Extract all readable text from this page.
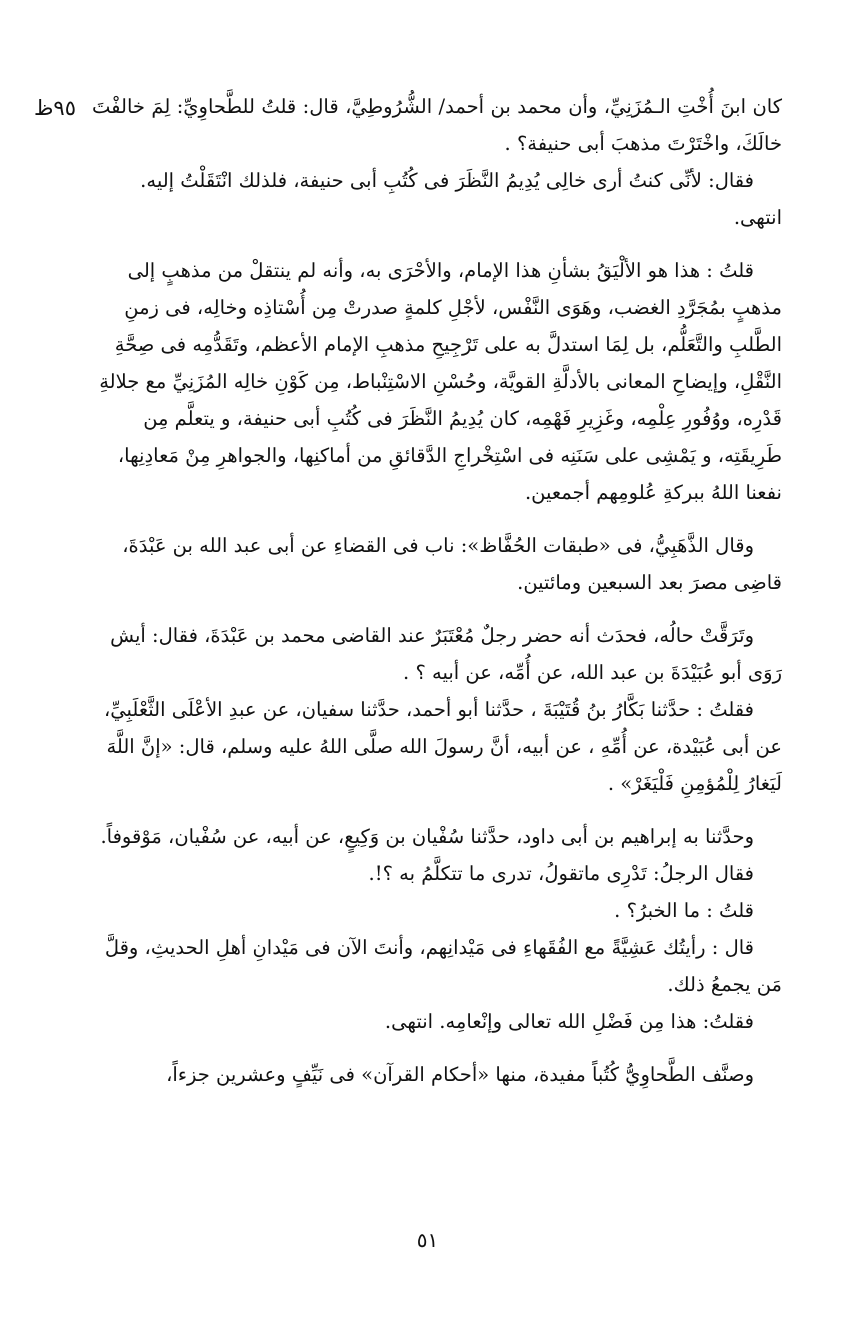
٩٥ظ كان ابنَ أُخْتِ الـمُزَنِيِّ، وأن محمد بن أحمد/ الشُّرُوطِيَّ، قال: قلتُ للطَّحاوِيِّ: لِمَ خالفْتَ خالَكَ، واخْتَرْتَ مذهبَ أبى حنيفة؟ .

فقال: لأنِّى كنتُ أرى خالِى يُدِيمُ النَّظَرَ فى كُتُبِ أبى حنيفة، فلذلك انْتَقَلْتُ إليه. انتهى.

قلتُ : هذا هو الألْيَقُ بشأنِ هذا الإمام، والأحْرَى به، وأنه لم ينتقلْ من مذهبٍ إلى مذهبٍ بمُجَرَّدِ الغضب، وهَوَى النَّفْس، لأجْلِ كلمةٍ صدرتْ مِن أُسْتاذِه وخالِه، فى زمنِ الطَّلبِ والتَّعَلُّم، بل لِمَا استدلَّ به على تَرْجِيحِ مذهبِ الإمام الأعظم، وتَقَدُّمِه فى صِحَّةِ النَّقْلِ، وإيضاحِ المعانى بالأدلَّةِ القويَّة، وحُسْنِ الاسْتِنْباط، مِن كَوْنِ خالِه المُزَنِيِّ مع جلالةِ قَدْرِه، ووُفُورِ عِلْمِه، وغَزِيرِ فَهْمِه، كان يُدِيمُ النَّظَرَ فى كُتُبِ أبى حنيفة، و يتعلَّم مِن طَرِيقَتِه، و يَمْشِى على سَنَنِه فى اسْتِخْراجِ الدَّقائقِ من أماكنِها، والجواهرِ مِنْ مَعادِنِها، نفعنا اللهُ ببركةِ عُلومِهم أجمعين.

وقال الذَّهَبِيُّ، فى «طبقات الحُفَّاظ»: ناب فى القضاءِ عن أبى عبد الله بن عَبْدَةَ، قاضِى مصرَ بعد السبعين ومائتين.

وتَرَقَّتْ حالُه، فحدَث أنه حضر رجلٌ مُعْتَبَرٌ عند القاضى محمد بن عَبْدَةَ، فقال: أيش رَوَى أبو عُبَيْدَةَ بن عبد الله، عن أُمِّه، عن أبيه ؟ .

فقلتُ : حدَّثنا بَكَّارُ بنُ قُتَيْبَةَ ، حدَّثنا أبو أحمد، حدَّثنا سفيان، عن عبدِ الأعْلَى الثَّعْلَبِيِّ، عن أبى عُبَيْدة، عن أُمِّهِ ، عن أبيه، أنَّ رسولَ الله صلَّى اللهُ عليه وسلم، قال: «إنَّ اللَّهَ لَيَغارُ لِلْمُؤمِنِ فَلْيَغَرْ» .

وحدَّثنا به إبراهيم بن أبى داود، حدَّثنا سُفْيان بن وَكِيعٍ، عن أبيه، عن سُفْيان، مَوْقوفاً.

فقال الرجلُ: تَدْرِى ماتقولُ، تدرى ما تتكلَّمُ به ؟!.

قلتُ : ما الخبرُ؟ .

قال : رأيتُك عَشِيَّةً مع الفُقَهاءِ فى مَيْدانِهم، وأنتَ الآن فى مَيْدانِ أهلِ الحديثِ، وقلَّ مَن يجمعُ ذلك.

فقلتُ: هذا مِن فَضْلِ الله تعالى وإنْعامِه. انتهى.

وصنَّف الطَّحاوِيُّ كُتُباً مفيدة، منها «أحكام القرآن» فى نَيِّفٍ وعشرين جزءاً،

٥١
